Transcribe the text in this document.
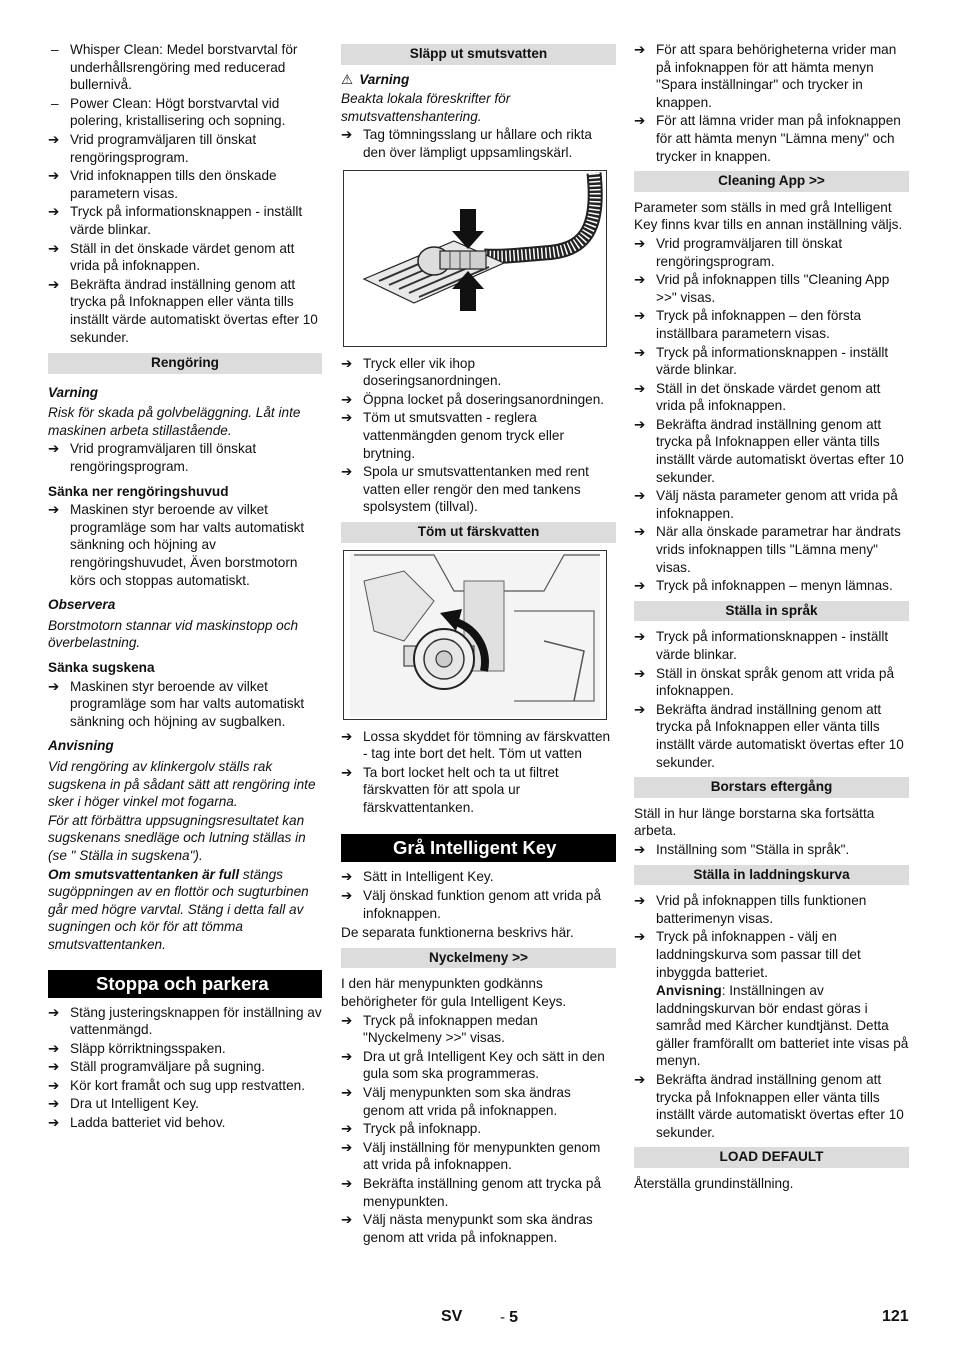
– Whisper Clean: Medel borstvarvtal för underhållsrengöring med reducerad bullernivå.
– Power Clean: Högt borstvarvtal vid polering, kristallisering och sopning.
➔ Vrid programväljaren till önskat rengöringsprogram.
➔ Vrid infoknappen tills den önskade parametern visas.
➔ Tryck på informationsknappen - inställt värde blinkar.
➔ Ställ in det önskade värdet genom att vrida på infoknappen.
➔ Bekräfta ändrad inställning genom att trycka på Infoknappen eller vänta tills inställt värde automatiskt övertas efter 10 sekunder.
Rengöring
Varning
Risk för skada på golvbeläggning. Låt inte maskinen arbeta stillastående.
➔ Vrid programväljaren till önskat rengöringsprogram.
Sänka ner rengöringshuvud
➔ Maskinen styr beroende av vilket programläge som har valts automatiskt sänkning och höjning av rengöringshuvudet, Även borstmotorn körs och stoppas automatiskt.
Observera
Borstmotorn stannar vid maskinstopp och överbelastning.
Sänka sugskena
➔ Maskinen styr beroende av vilket programläge som har valts automatiskt sänkning och höjning av sugbalken.
Anvisning
Vid rengöring av klinkergolv ställs rak sugskena in på sådant sätt att rengöring inte sker i höger vinkel mot fogarna.
För att förbättra uppsugningsresultatet kan sugskenans snedläge och lutning ställas in (se " Ställa in sugskena").
Om smutsvattentanken är full stängs sugöppningen av en flottör och sugturbinen går med högre varvtal. Stäng i detta fall av sugningen och kör för att tömma smutsvattentanken.
Stoppa och parkera
➔ Stäng justeringsknappen för inställning av vattenmängd.
➔ Släpp körriktningsspaken.
➔ Ställ programväljare på sugning.
➔ Kör kort framåt och sug upp restvatten.
➔ Dra ut Intelligent Key.
➔ Ladda batteriet vid behov.
Släpp ut smutsvatten
⚠ Varning
Beakta lokala föreskrifter för smutsvattenshantering.
➔ Tag tömningsslang ur hållare och rikta den över lämpligt uppsamlingskärl.
➔ Tryck eller vik ihop doseringsanordningen.
➔ Öppna locket på doseringsanordningen.
➔ Töm ut smutsvatten - reglera vattenmängden genom tryck eller brytning.
➔ Spola ur smutsvattentanken med rent vatten eller rengör den med tankens spolsystem (tillval).
Töm ut färskvatten
➔ Lossa skyddet för tömning av färskvatten - tag inte bort det helt. Töm ut vatten
➔ Ta bort locket helt och ta ut filtret färskvatten för att spola ur färskvattentanken.
Grå Intelligent Key
➔ Sätt in Intelligent Key.
➔ Välj önskad funktion genom att vrida på infoknappen.
De separata funktionerna beskrivs här.
Nyckelmeny >>
I den här menypunkten godkänns behörigheter för gula Intelligent Keys.
➔ Tryck på infoknappen medan "Nyckelmeny >>" visas.
➔ Dra ut grå Intelligent Key och sätt in den gula som ska programmeras.
➔ Välj menypunkten som ska ändras genom att vrida på infoknappen.
➔ Tryck på infoknapp.
➔ Välj inställning för menypunkten genom att vrida på infoknappen.
➔ Bekräfta inställning genom att trycka på menypunkten.
➔ Välj nästa menypunkt som ska ändras genom att vrida på infoknappen.
➔ För att spara behörigheterna vrider man på infoknappen för att hämta menyn "Spara inställningar" och trycker in knappen.
➔ För att lämna vrider man på infoknappen för att hämta menyn "Lämna meny" och trycker in knappen.
Cleaning App >>
Parameter som ställs in med grå Intelligent Key finns kvar tills en annan inställning väljs.
➔ Vrid programväljaren till önskat rengöringsprogram.
➔ Vrid på infoknappen tills "Cleaning App >>" visas.
➔ Tryck på infoknappen – den första inställbara parametern visas.
➔ Tryck på informationsknappen - inställt värde blinkar.
➔ Ställ in det önskade värdet genom att vrida på infoknappen.
➔ Bekräfta ändrad inställning genom att trycka på Infoknappen eller vänta tills inställt värde automatiskt övertas efter 10 sekunder.
➔ Välj nästa parameter genom att vrida på infoknappen.
➔ När alla önskade parametrar har ändrats vrids infoknappen tills "Lämna meny" visas.
➔ Tryck på infoknappen – menyn lämnas.
Ställa in språk
➔ Tryck på informationsknappen - inställt värde blinkar.
➔ Ställ in önskat språk genom att vrida på infoknappen.
➔ Bekräfta ändrad inställning genom att trycka på Infoknappen eller vänta tills inställt värde automatiskt övertas efter 10 sekunder.
Borstars eftergång
Ställ in hur länge borstarna ska fortsätta arbeta.
➔ Inställning som "Ställa in språk".
Ställa in laddningskurva
➔ Vrid på infoknappen tills funktionen batterimenyn visas.
➔ Tryck på infoknappen - välj en laddningskurva som passar till det inbyggda batteriet.
Anvisning: Inställningen av laddningskurvan bör endast göras i samråd med Kärcher kundtjänst. Detta gäller framförallt om batteriet inte visas på menyn.
➔ Bekräfta ändrad inställning genom att trycka på Infoknappen eller vänta tills inställt värde automatiskt övertas efter 10 sekunder.
LOAD DEFAULT
Återställa grundinställning.
SV	- 5	121
